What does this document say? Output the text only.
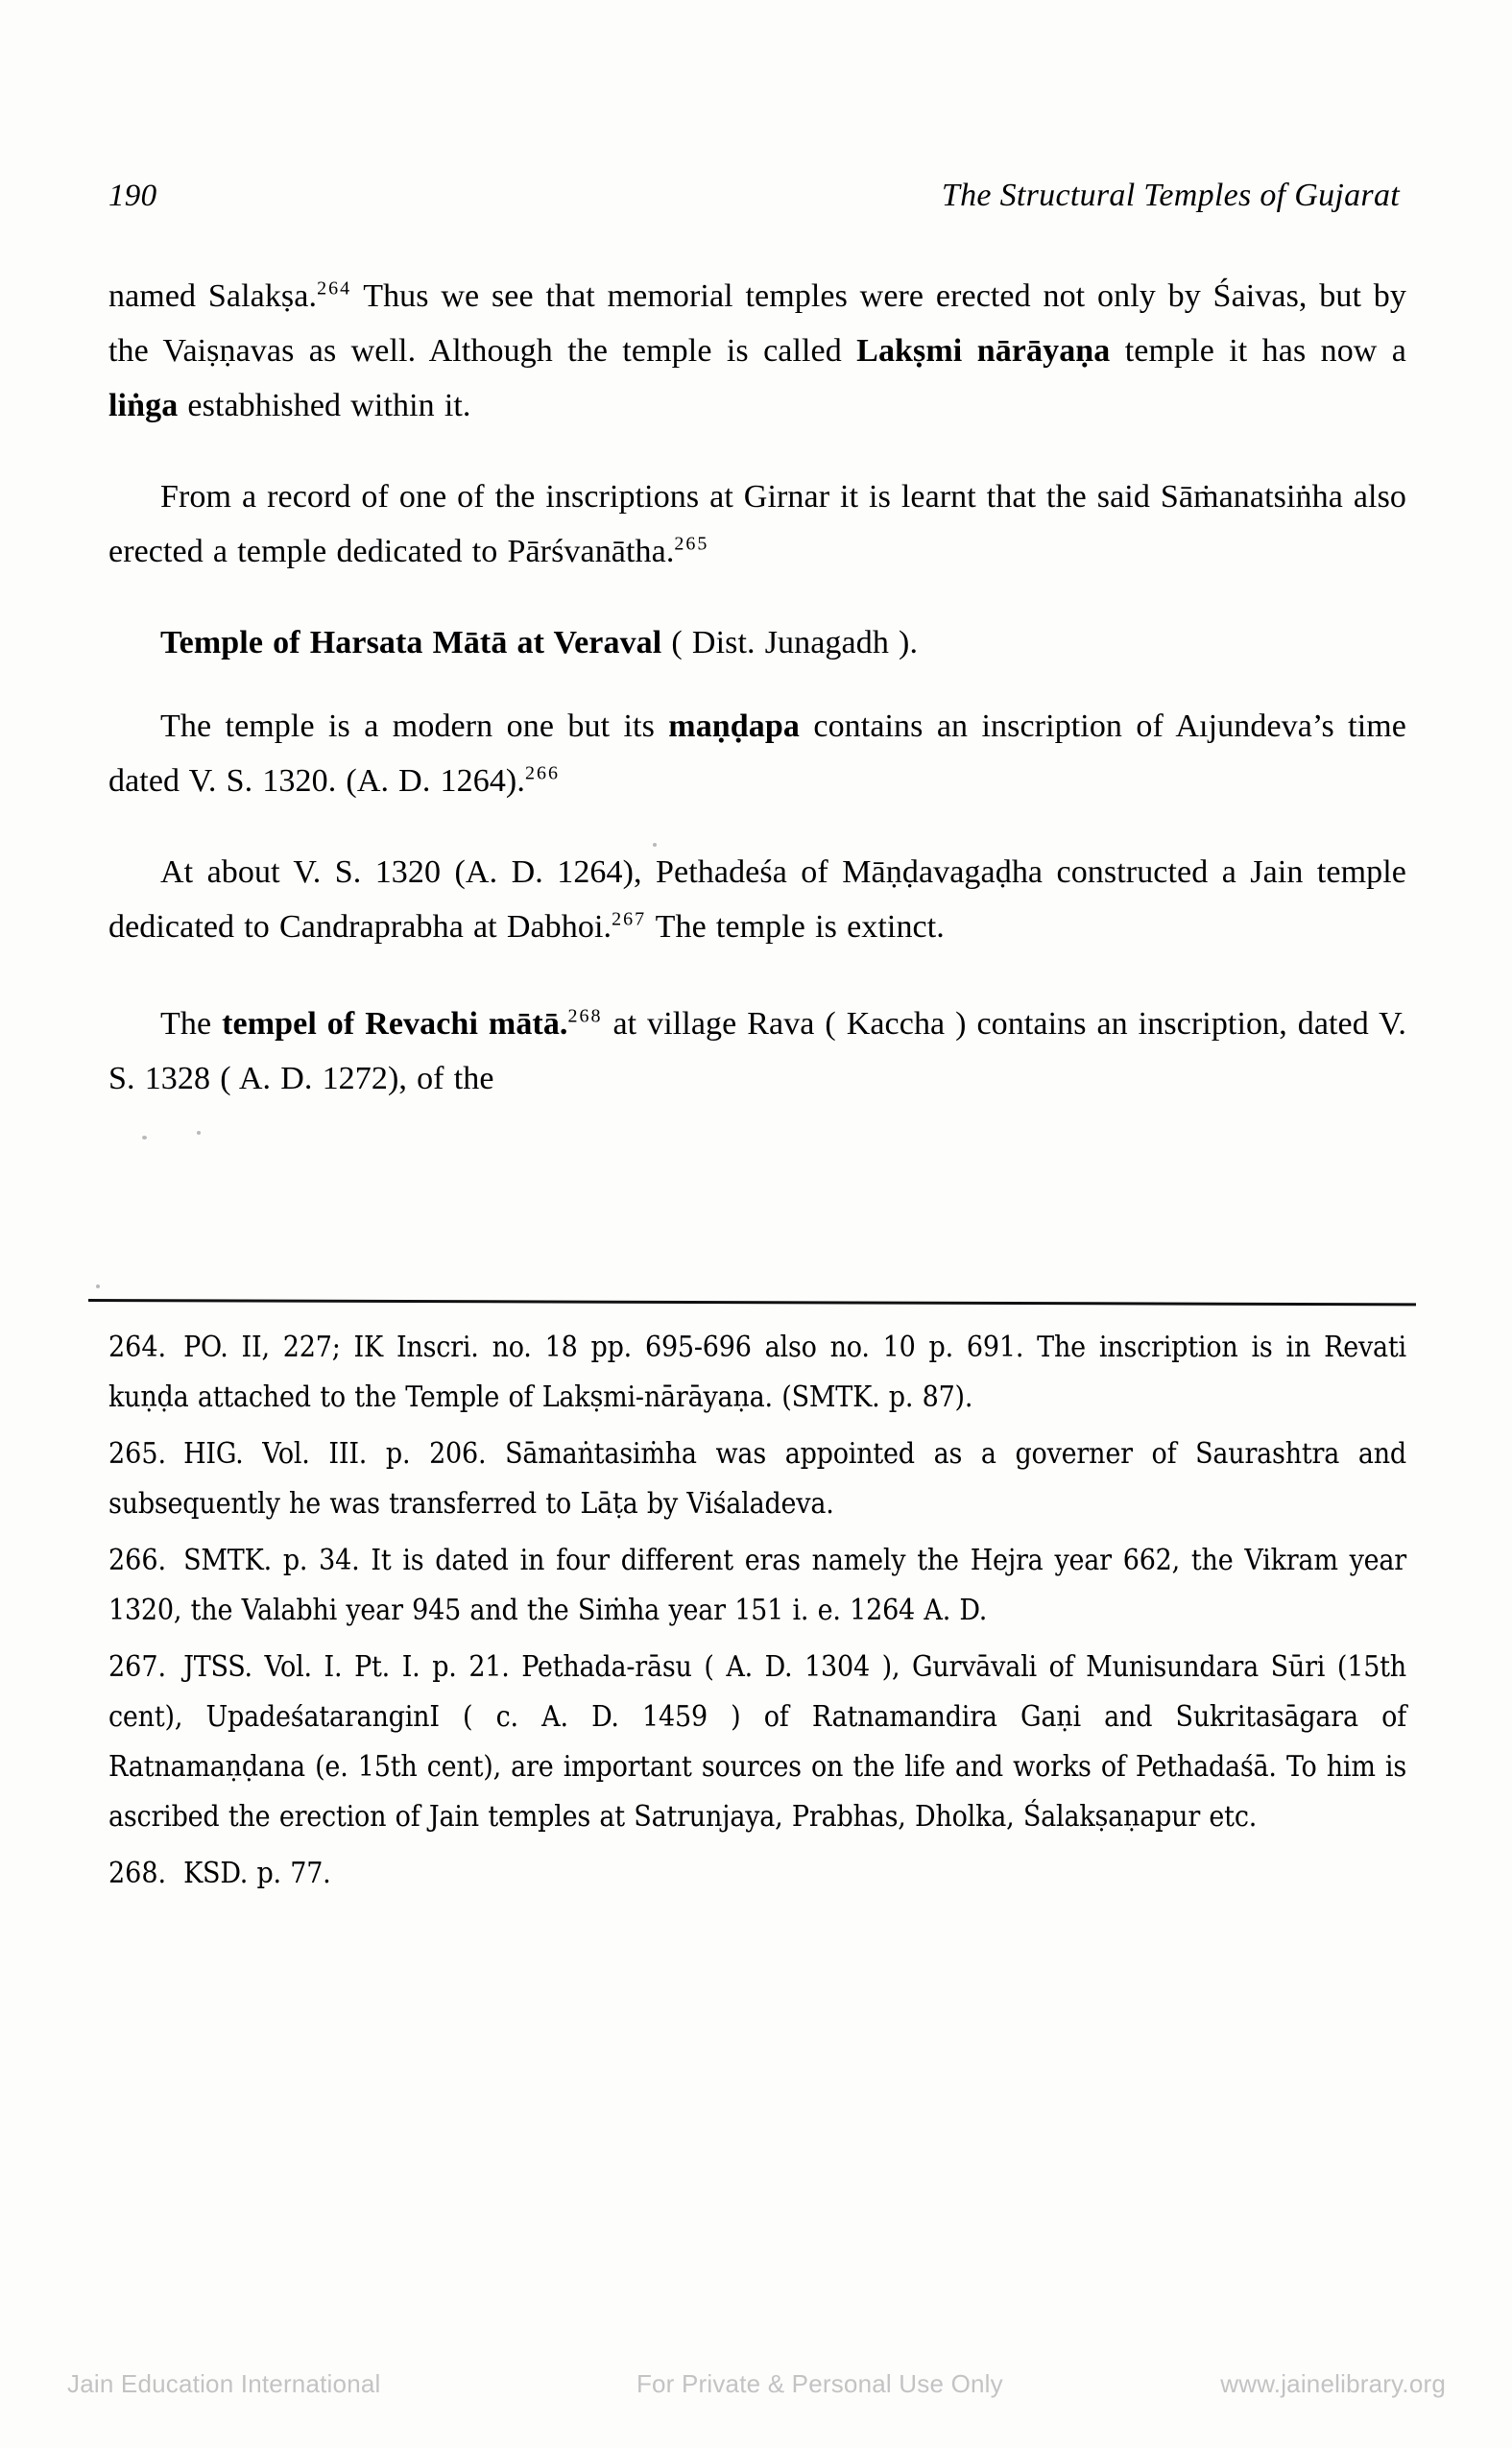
190	The Structural Temples of Gujarat

named Salakṣa.$^{264}$ Thus we see that memorial temples were erected not only by Śaivas, but by the Vaiṣṇavas as well. Although the temple is called Lakṣmi nārāyaṇa temple it has now a liṅga estabhished within it.

From a record of one of the inscriptions at Girnar it is learnt that the said Sāṁanatsiṅha also erected a temple dedicated to Pārśvanātha.$^{265}$

Temple of Harsata Mātā at Veraval ( Dist. Junagadh ).

The temple is a modern one but its maṇḍapa contains an inscription of Aıjundeva’s time dated V. S. 1320. (A. D. 1264).$^{266}$

At about V. S. 1320 (A. D. 1264), Pethadeśa of Māṇḍavagaḍha constructed a Jain temple dedicated to Candraprabha at Dabhoi.$^{267}$ The temple is extinct.

The tempel of Revachi mātā.$^{268}$ at village Rava ( Kaccha ) contains an inscription, dated V. S. 1328 ( A. D. 1272), of the

264. PO. II, 227; IK Inscri. no. 18 pp. 695-696 also no. 10 p. 691. The inscription is in Revati kuṇḍa attached to the Temple of Lakṣmi-nārāyaṇa. (SMTK. p. 87).

265. HIG. Vol. III. p. 206. Sāmaṅtasiṁha was appointed as a governer of Saurashtra and subsequently he was transferred to Lāṭa by Viśaladeva.

266. SMTK. p. 34. It is dated in four different eras namely the Hejra year 662, the Vikram year 1320, the Valabhi year 945 and the Siṁha year 151 i. e. 1264 A. D.

267. JTSS. Vol. I. Pt. I. p. 21. Pethada-rāsu ( A. D. 1304 ), Gurvāvali of Munisundara Sūri (15th cent), UpadeśataranginI ( c. A. D. 1459 ) of Ratnamandira Gaṇi and Sukritasāgara of Ratnamaṇḍana (e. 15th cent), are important sources on the life and works of Pethadaśā. To him is ascribed the erection of Jain temples at Satrunjaya, Prabhas, Dholka, Śalakṣaṇapur etc.

268. KSD. p. 77.

Jain Education International	For Private & Personal Use Only	www.jainelibrary.org
